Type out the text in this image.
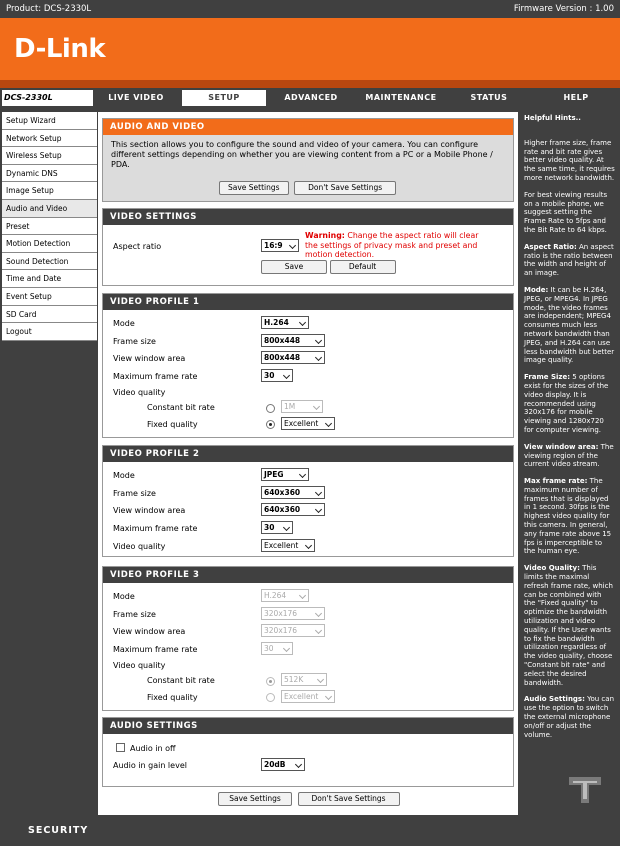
Product: DCS-2330L	Firmware Version : 1.00
D-Link
DCS-2330L	LIVE VIDEO	SETUP	ADVANCED	MAINTENANCE	STATUS	HELP
Setup Wizard
Network Setup
Wireless Setup
Dynamic DNS
Image Setup
Audio and Video
Preset
Motion Detection
Sound Detection
Time and Date
Event Setup
SD Card
Logout
AUDIO AND VIDEO
This section allows you to configure the sound and video of your camera. You can configure different settings depending on whether you are viewing content from a PC or a Mobile Phone / PDA.
Save Settings	Don't Save Settings
VIDEO SETTINGS
Aspect ratio	16:9
Warning: Change the aspect ratio will clear the settings of privacy mask and preset and motion detection.
Save	Default
VIDEO PROFILE 1
Mode	H.264
Frame size	800x448
View window area	800x448
Maximum frame rate	30
Video quality
Constant bit rate	1M
Fixed quality	Excellent
VIDEO PROFILE 2
Mode	JPEG
Frame size	640x360
View window area	640x360
Maximum frame rate	30
Video quality	Excellent
VIDEO PROFILE 3
Mode	H.264
Frame size	320x176
View window area	320x176
Maximum frame rate	30
Video quality
Constant bit rate	512K
Fixed quality	Excellent
AUDIO SETTINGS
Audio in off
Audio in gain level	20dB
Save Settings	Don't Save Settings

Helpful Hints..

Higher frame size, frame rate and bit rate gives better video quality. At the same time, it requires more network bandwidth.

For best viewing results on a mobile phone, we suggest setting the Frame Rate to 5fps and the Bit Rate to 64 kbps.

Aspect Ratio: An aspect ratio is the ratio between the width and height of an image.

Mode: It can be H.264, JPEG, or MPEG4. In JPEG mode, the video frames are independent; MPEG4 consumes much less network bandwidth than JPEG, and H.264 can use less bandwidth but better image quality.

Frame Size: 5 options exist for the sizes of the video display. It is recommended using 320x176 for mobile viewing and 1280x720 for computer viewing.

View window area: The viewing region of the current video stream.

Max frame rate: The maximum number of frames that is displayed in 1 second. 30fps is the highest video quality for this camera. In general, any frame rate above 15 fps is imperceptible to the human eye.

Video Quality: This limits the maximal refresh frame rate, which can be combined with the "Fixed quality" to optimize the bandwidth utilization and video quality. If the User wants to fix the bandwidth utilization regardless of the video quality, choose "Constant bit rate" and select the desired bandwidth.

Audio Settings: You can use the option to switch the external microphone on/off or adjust the volume.

SECURITY
